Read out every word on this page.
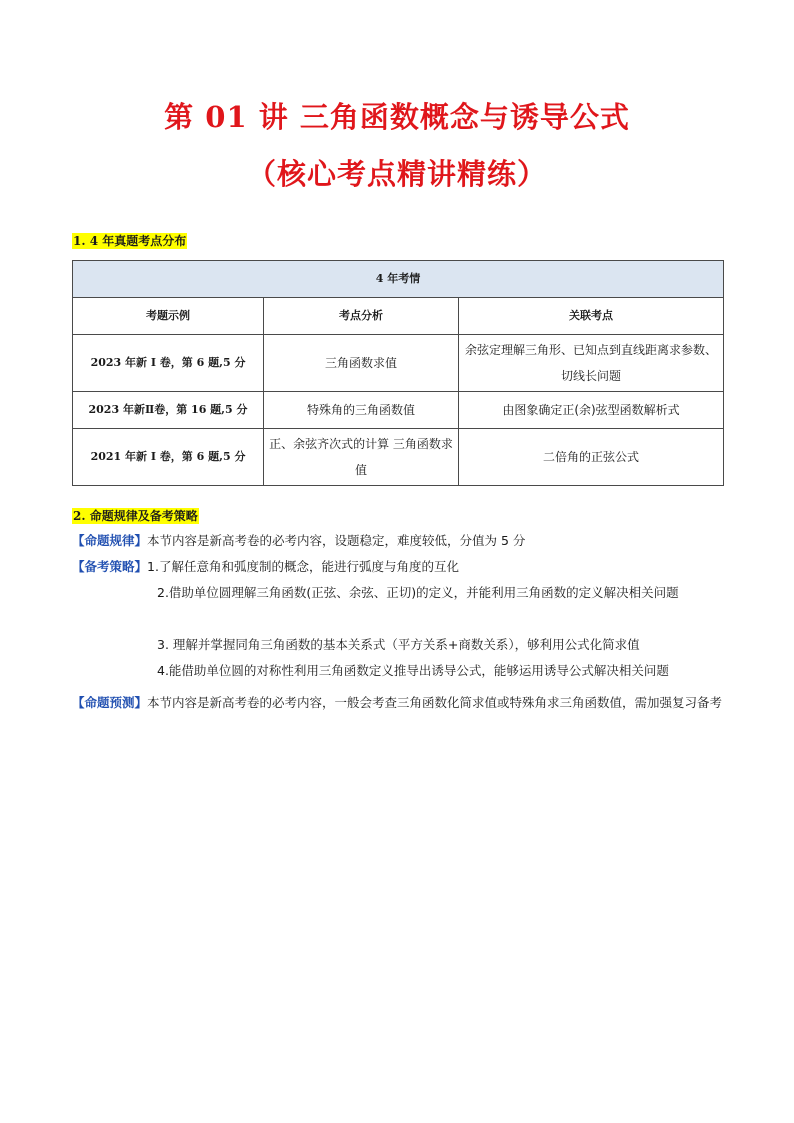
第 01 讲 三角函数概念与诱导公式
（核心考点精讲精练）
1. 4 年真题考点分布
4 年考情		
考题示例	考点分析	关联考点
2023 年新 I 卷，第 6 题,5 分	三角函数求值	余弦定理解三角形、已知点到直线距离求参数、切线长问题
2023 年新Ⅱ卷，第 16 题,5 分	特殊角的三角函数值	由图象确定正(余)弦型函数解析式
2021 年新 I 卷，第 6 题,5 分	正、余弦齐次式的计算 三角函数求值	二倍角的正弦公式
2. 命题规律及备考策略
【命题规律】本节内容是新高考卷的必考内容，设题稳定，难度较低，分值为 5 分
【备考策略】1.了解任意角和弧度制的概念，能进行弧度与角度的互化
2.借助单位圆理解三角函数(正弦、余弦、正切)的定义，并能利用三角函数的定义解决相关问题
3. 理解并掌握同角三角函数的基本关系式（平方关系+商数关系），够利用公式化简求值
4.能借助单位圆的对称性利用三角函数定义推导出诱导公式，能够运用诱导公式解决相关问题
【命题预测】本节内容是新高考卷的必考内容，一般会考查三角函数化简求值或特殊角求三角函数值，需加强复习备考
